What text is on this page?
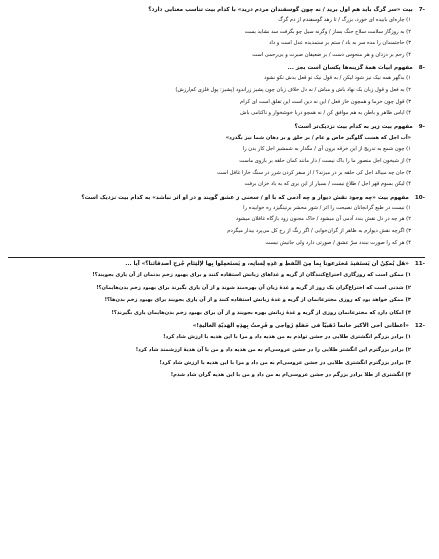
-7
بیت «سر گرگ باید هم اول برید / نه چون گوسفندان مردم درید» با کدام بیت تناسب معنایی دارد؟
۱) چاره‌ای بابیده ای خورد، بزرگ / تا رهد گوسفندم از دم گرگ
۲) به روزگار سلامت سلاح جنگ بساز / وگرنه سیل چو بگرفت سد نشاید بست
۳) حاجتمندان را مده سر به باد / ستم بر ستمدیده عدل است و داد
۴) رحم بر دزدان و هر منحوس دست / بر ضعیفان صبرت و بی‌رحمی است
-8
مفهوم ابیات همهٔ گزینه‌ها یکسان است بجز ...
۱) بدگهر همه نیک نیز شود لیکن / به قول نیک تو قعل بدش نکو نشود
۲) به فعل و قول زبان یک نهاد باش و مباش / نه دل خلاف زبان چون پشیز زراندود (پشیز: پول فلزی کم‌ارزش)
۳) قول چون خرما و همچون خار فعل / این نه دین است این تفلق است ای کرام
۴) ایاس ظاهر و باطن به هم موافق کن / نه همچو دربا خوشخوار و ناکنامی باش
-9
مفهوم بیت زیر به کدام بیت نزدیک‌تر است؟
«آب اجل که هست گلوگیر خاص و عام / بر حلق و بر دهان شما نیز بگذرد»
۱) چون شمع به تدریج از این خرقه برون آی / مگذار به شمشیر اجل کار بدن را
۲) از شیخون اجل منصور ما را باک نیست / دار مانند کمان حلقه بر بازوی ماست
۳) جان چه میبالد اجل کی حلقه بر در میزند؟ / از سفر کردن شرر در سنگ خارا غافل است
۴) لیکن بسوم قهر اجل / طلاع نیست / بسیار از این بری که به باد خزان برفت
-10
مفهوم بیت «چه وجود نقش دیوار و چه آدمی که با او / سخنی ز عشق گویند و در او اثر نباشد» به کدام بیت نزدیک است؟
۱) نیست در طبع گرانجانان نصیحت را اثر / شور محشر برنینگیزد ره خوابیده را
۲) هر چه در دل نقش بندد آدمی آن میشود / خاک مجنون زود بازگاه غافلان میشود
۳) اگرچه نقش دیوارم به ظاهر از گران‌خوابی / اگر رنگ از رخ کل می‌پرد بیدار میگردم
۴) هر که را صورت نبندد سرّ عشق / صورتی دارد ولی جانیش نیست
-11
«هَل یُمکِنُ أن یَستَفیدَ مُختَرعونا بِما مِنَ النِّفطِ و عَدِهِ لِسانِه، و یَستَعمِلوا بِها لإلتِئامِ جُرحِ أصدقائنا؟» آیا ...
۱) ممکن است که روزگاری اختراع‌کنندگان از گریه و غذاهای زبانش استفاده کنند و برای بهبود زخم بدنمان از آن یاری بجویند؟!
۲) شدنی است که اختراع‌گران یک روز از گریه و غدهٔ زبان آن بهره‌مند شوند و از آن یاری بگیرند برای بهبود زخم بدن‌هایمان؟!
۳) ممکن خواهد بود که روزی مخترعانمان از گریه و غدهٔ زبانش استفاده کنند و از آن یاری بجویند برای بهبود زخم بدن‌ها؟!
۴) امکان دارد که مخترعانمان روزی از گریه و غدهٔ زبانش بهره بجویند و از آن برای بهبود زخم بدن‌هایمان یاری بگیرند؟!
-12
«أعطانی أخی الأکبر خاتماً ذَهَبیّاً فی حَفلةِ زَواجی و فَرِحتُ بِهذِهِ الهَدیّةِ الغالیةِ!»
۱) برادر بزرگم انگشتری طلایی در جشن تولدم به من هدیه داد و مرا با این هدیه با ارزش شاد کرد!
۲) برادر بزرگترم این انگشتر طلایی را در جشن عروسی‌ام به من هدیه داد و من با آن هدیهٔ ارزشمند شاد کرد!
۳) برادر بزرگترم انگشتری طلایی در جشن عروسی‌ام به من داد و مرا با این هدیه با ارزش شاد کرد!
۴) انگشتری از طلا برادر بزرگم در جشن عروسی‌ام به من داد و من با این هدیه گران شاد شدم!
